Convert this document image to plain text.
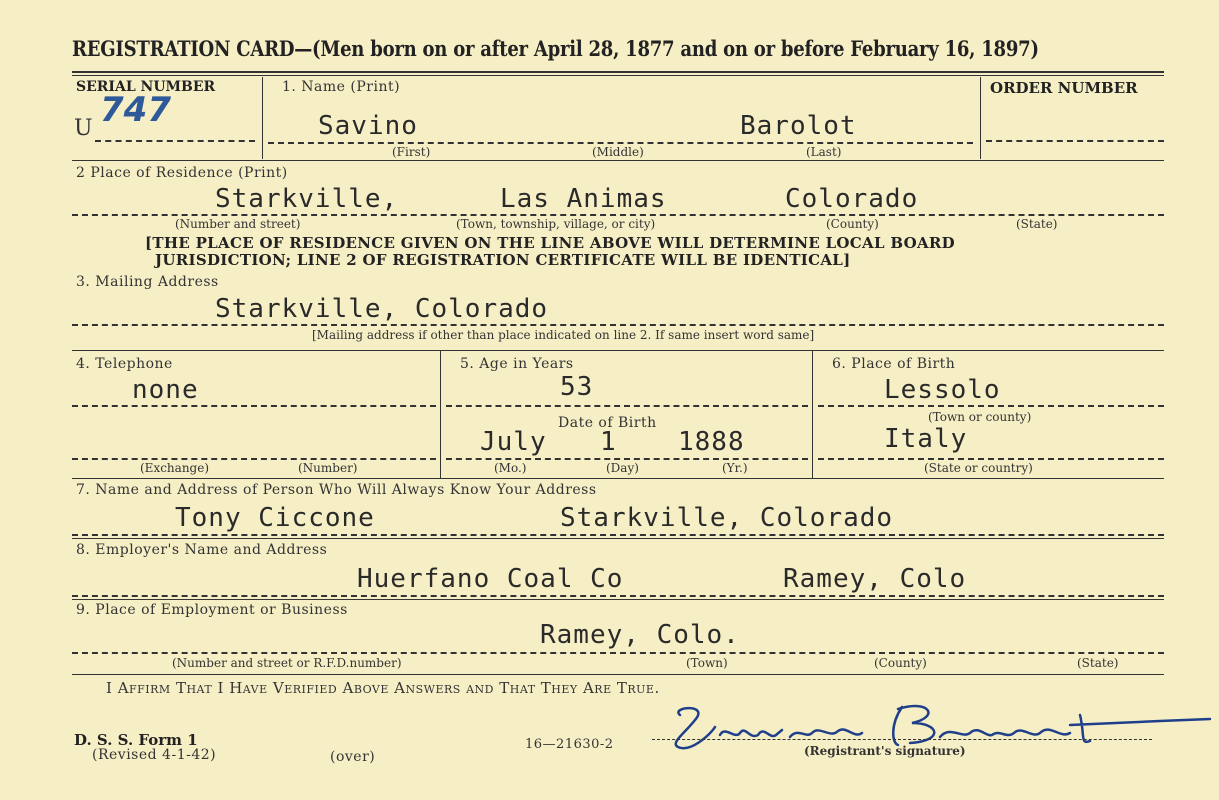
REGISTRATION CARD—(Men born on or after April 28, 1877 and on or before February 16, 1897)
SERIAL NUMBER
U 747
1. Name (Print)
Savino	Barolot
(First)	(Middle)	(Last)
ORDER NUMBER
2 Place of Residence (Print)
Starkville,	Las Animas	Colorado
(Number and street)	(Town, township, village, or city)	(County)	(State)
[THE PLACE OF RESIDENCE GIVEN ON THE LINE ABOVE WILL DETERMINE LOCAL BOARD
JURISDICTION; LINE 2 OF REGISTRATION CERTIFICATE WILL BE IDENTICAL]
3. Mailing Address
Starkville, Colorado
[Mailing address if other than place indicated on line 2. If same insert word same]
4. Telephone
none
(Exchange)	(Number)
5. Age in Years
53
Date of Birth
July 1 1888
(Mo.)	(Day)	(Yr.)
6. Place of Birth
Lessolo
(Town or county)
Italy
(State or country)
7. Name and Address of Person Who Will Always Know Your Address
Tony Ciccone	Starkville, Colorado
8. Employer's Name and Address
Huerfano Coal Co	Ramey, Colo
9. Place of Employment or Business
Ramey, Colo.
(Number and street or R.F.D.number)	(Town)	(County)	(State)
I Affirm That I Have Verified Above Answers and That They Are True.
D. S. S. Form 1
(Revised 4-1-42)	(over)
16—21630-2	(Registrant's signature)
